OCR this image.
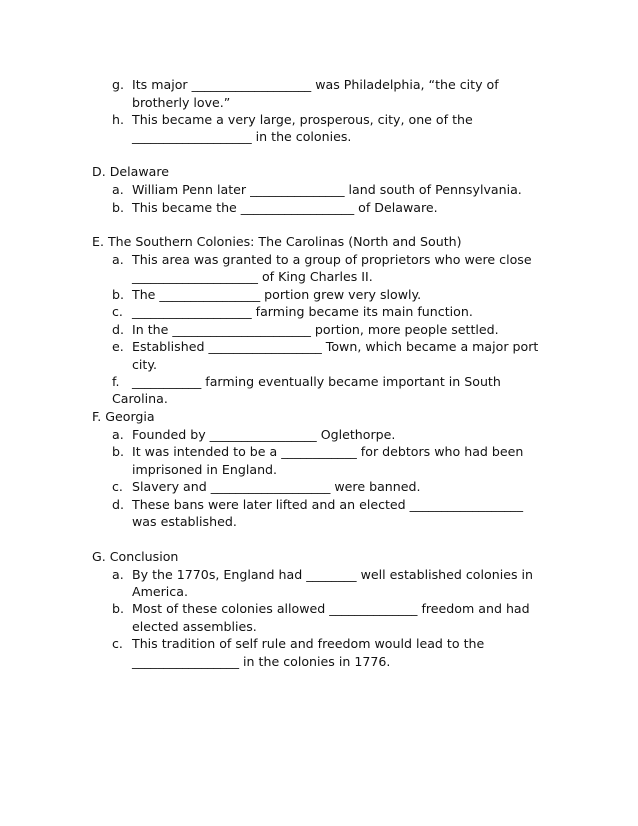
g. Its major ___________________ was Philadelphia, “the city of
brotherly love.”
h. This became a very large, prosperous, city, one of the
___________________ in the colonies.
D. Delaware
a. William Penn later _______________ land south of Pennsylvania.
b. This became the __________________ of Delaware.
E. The Southern Colonies: The Carolinas (North and South)
a. This area was granted to a group of proprietors who were close
____________________ of King Charles II.
b. The ________________ portion grew very slowly.
c. ___________________ farming became its main function.
d. In the ______________________ portion, more people settled.
e. Established __________________ Town, which became a major port
city.
f. ___________ farming eventually became important in South Carolina.
F. Georgia
a. Founded by _________________ Oglethorpe.
b. It was intended to be a ____________ for debtors who had been
imprisoned in England.
c. Slavery and ___________________ were banned.
d. These bans were later lifted and an elected __________________
was established.
G. Conclusion
a. By the 1770s, England had ________ well established colonies in
America.
b. Most of these colonies allowed ______________ freedom and had
elected assemblies.
c. This tradition of self rule and freedom would lead to the
_________________ in the colonies in 1776.
